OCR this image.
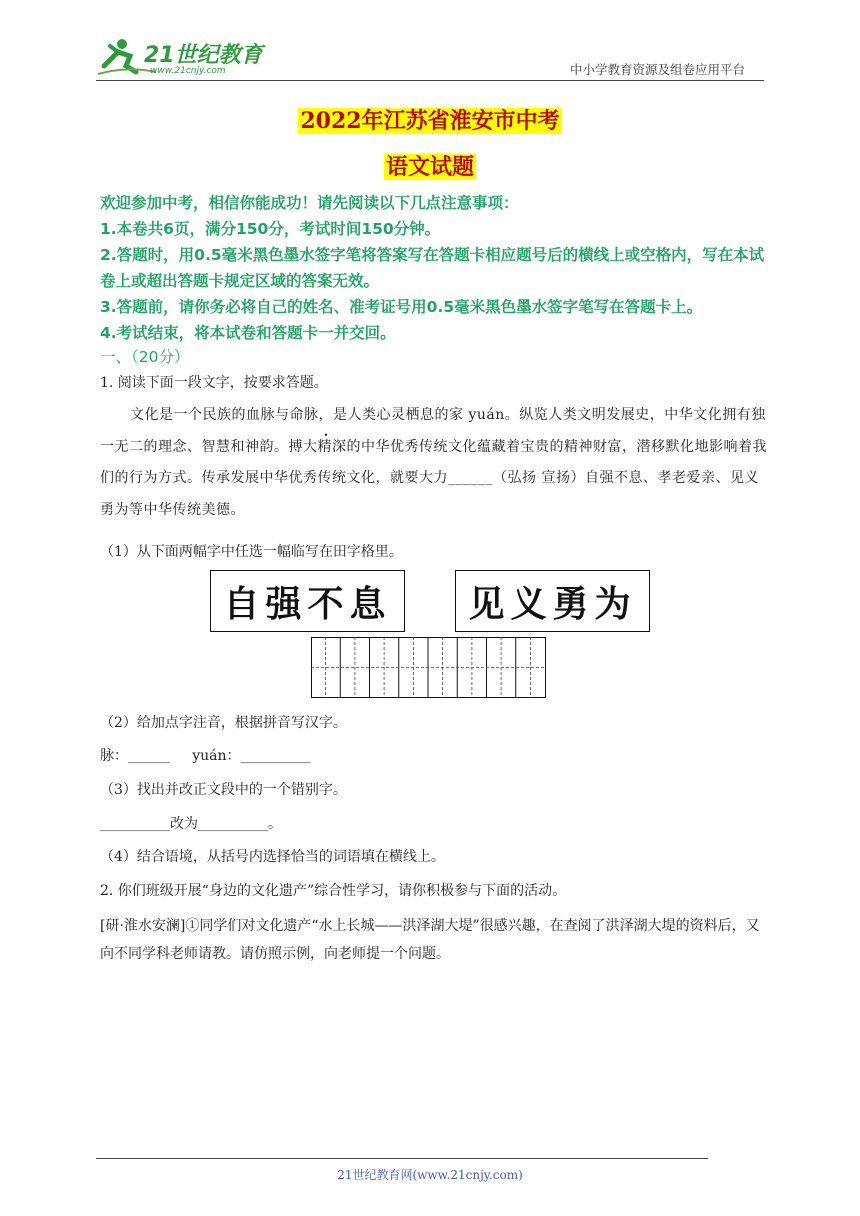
21世纪教育
www.21cnjy.com	中小学教育资源及组卷应用平台
2022年江苏省淮安市中考
语文试题
欢迎参加中考，相信你能成功！请先阅读以下几点注意事项：
1.本卷共6页，满分150分，考试时间150分钟。
2.答题时，用0.5毫米黑色墨水签字笔将答案写在答题卡相应题号后的横线上或空格内，写在本试卷上或超出答题卡规定区域的答案无效。
3.答题前，请你务必将自己的姓名、准考证号用0.5毫米黑色墨水签字笔写在答题卡上。
4.考试结束，将本试卷和答题卡一并交回。
一、（20分）
1. 阅读下面一段文字，按要求答题。
文化是一个民族的血脉与命脉，是人类心灵栖息的家 yuán。纵览人类文明发展史，中华文化拥有独一无二的理念、智慧和神韵。搏大精深的中华优秀传统文化蕴藏着宝贵的精神财富，潜移默化地影响着我们的行为方式。传承发展中华优秀传统文化，就要大力______（弘扬 宣扬）自强不息、孝老爱亲、见义勇为等中华传统美德。
（1）从下面两幅字中任选一幅临写在田字格里。
自强不息	见义勇为
（2）给加点字注音，根据拼音写汉字。
脉：______     yuán：__________
（3）找出并改正文段中的一个错别字。
__________改为__________。
（4）结合语境，从括号内选择恰当的词语填在横线上。
2. 你们班级开展“身边的文化遗产”综合性学习，请你积极参与下面的活动。
[研·淮水安澜]①同学们对文化遗产“水上长城——洪泽湖大堤”很感兴趣，在查阅了洪泽湖大堤的资料后，又向不同学科老师请教。请仿照示例，向老师提一个问题。
21世纪教育网(www.21cnjy.com)
